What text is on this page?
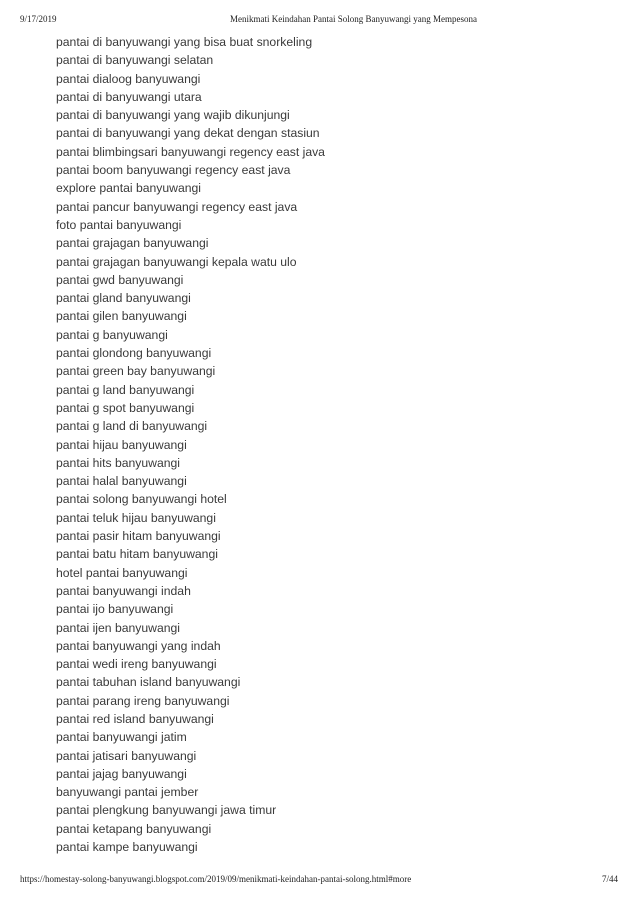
9/17/2019	Menikmati Keindahan Pantai Solong Banyuwangi yang Mempesona
pantai di banyuwangi yang bisa buat snorkeling
pantai di banyuwangi selatan
pantai dialoog banyuwangi
pantai di banyuwangi utara
pantai di banyuwangi yang wajib dikunjungi
pantai di banyuwangi yang dekat dengan stasiun
pantai blimbingsari banyuwangi regency east java
pantai boom banyuwangi regency east java
explore pantai banyuwangi
pantai pancur banyuwangi regency east java
foto pantai banyuwangi
pantai grajagan banyuwangi
pantai grajagan banyuwangi kepala watu ulo
pantai gwd banyuwangi
pantai gland banyuwangi
pantai gilen banyuwangi
pantai g banyuwangi
pantai glondong banyuwangi
pantai green bay banyuwangi
pantai g land banyuwangi
pantai g spot banyuwangi
pantai g land di banyuwangi
pantai hijau banyuwangi
pantai hits banyuwangi
pantai halal banyuwangi
pantai solong banyuwangi hotel
pantai teluk hijau banyuwangi
pantai pasir hitam banyuwangi
pantai batu hitam banyuwangi
hotel pantai banyuwangi
pantai banyuwangi indah
pantai ijo banyuwangi
pantai ijen banyuwangi
pantai banyuwangi yang indah
pantai wedi ireng banyuwangi
pantai tabuhan island banyuwangi
pantai parang ireng banyuwangi
pantai red island banyuwangi
pantai banyuwangi jatim
pantai jatisari banyuwangi
pantai jajag banyuwangi
banyuwangi pantai jember
pantai plengkung banyuwangi jawa timur
pantai ketapang banyuwangi
pantai kampe banyuwangi
https://homestay-solong-banyuwangi.blogspot.com/2019/09/menikmati-keindahan-pantai-solong.html#more	7/44
